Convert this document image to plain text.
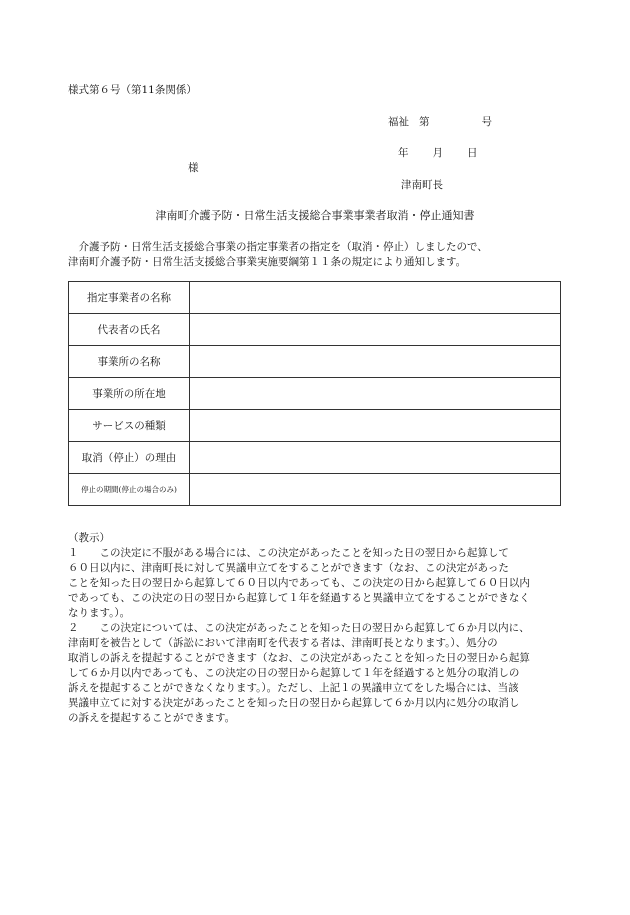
様式第６号（第11条関係）
福祉 第	号
年 月 日
様
津南町長
津南町介護予防・日常生活支援総合事業事業者取消・停止通知書
　介護予防・日常生活支援総合事業の指定事業者の指定を（取消・停止）しましたので、
津南町介護予防・日常生活支援総合事業実施要綱第１１条の規定により通知します。
指定事業者の名称	
代表者の氏名	
事業所の名称	
事業所の所在地	
サービスの種類	
取消（停止）の理由	
停止の期間(停止の場合のみ)	
（教示）
１　　この決定に不服がある場合には、この決定があったことを知った日の翌日から起算して
６０日以内に、津南町長に対して異議申立てをすることができます（なお、この決定があった
ことを知った日の翌日から起算して６０日以内であっても、この決定の日から起算して６０日以内
であっても、この決定の日の翌日から起算して１年を経過すると異議申立てをすることができなく
なります。）。
２　　この決定については、この決定があったことを知った日の翌日から起算して６か月以内に、
津南町を被告として（訴訟において津南町を代表する者は、津南町長となります。）、処分の
取消しの訴えを提起することができます（なお、この決定があったことを知った日の翌日から起算
して６か月以内であっても、この決定の日の翌日から起算して１年を経過すると処分の取消しの
訴えを提起することができなくなります。）。ただし、上記１の異議申立てをした場合には、当該
異議申立てに対する決定があったことを知った日の翌日から起算して６か月以内に処分の取消し
の訴えを提起することができます。
